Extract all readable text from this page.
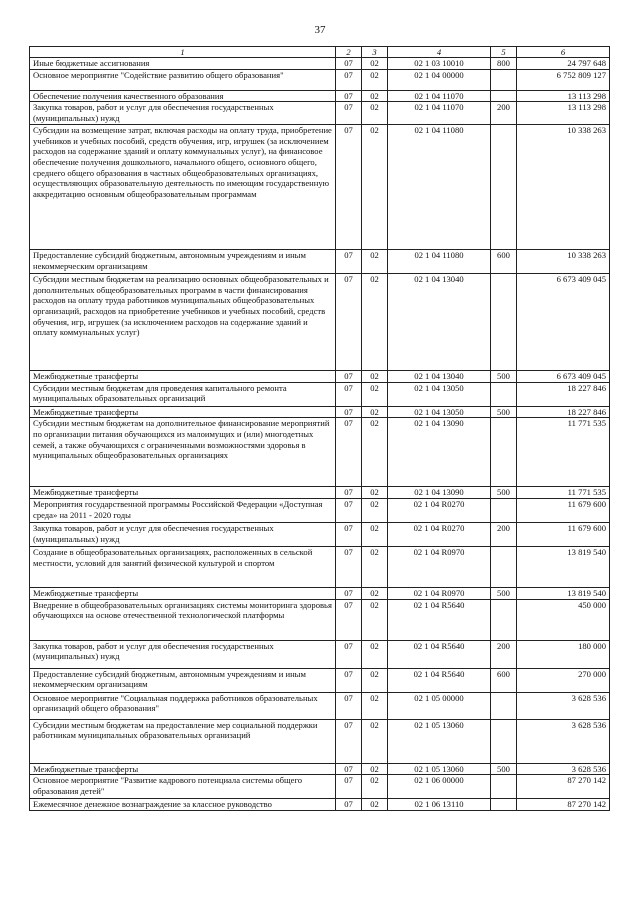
37
1	2	3	4	5	6
Иные бюджетные ассигнования	07	02	02 1 03 10010	800	24 797 648
Основное мероприятие "Содействие развитию общего образования"	07	02	02 1 04 00000		6 752 809 127
Обеспечение получения качественного образования	07	02	02 1 04 11070		13 113 298
Закупка товаров, работ и услуг для обеспечения государственных (муниципальных) нужд	07	02	02 1 04 11070	200	13 113 298
Субсидии на возмещение затрат, включая расходы на оплату труда, приобретение учебников и учебных пособий, средств обучения, игр, игрушек (за исключением расходов на содержание зданий и оплату коммунальных услуг), на финансовое обеспечение получения дошкольного, начального общего, основного общего, среднего общего образования в частных общеобразовательных организациях, осуществляющих образовательную деятельность по имеющим государственную аккредитацию основным общеобразовательным программам	07	02	02 1 04 11080		10 338 263
Предоставление субсидий бюджетным, автономным учреждениям и иным некоммерческим организациям	07	02	02 1 04 11080	600	10 338 263
Субсидии местным бюджетам на реализацию основных общеобразовательных и дополнительных общеобразовательных программ в части финансирования расходов на оплату труда работников муниципальных общеобразовательных организаций, расходов на приобретение учебников и учебных пособий, средств обучения, игр, игрушек (за исключением расходов на содержание зданий и оплату коммунальных услуг)	07	02	02 1 04 13040		6 673 409 045
Межбюджетные трансферты	07	02	02 1 04 13040	500	6 673 409 045
Субсидии местным бюджетам для проведения капитального ремонта муниципальных образовательных организаций	07	02	02 1 04 13050		18 227 846
Межбюджетные трансферты	07	02	02 1 04 13050	500	18 227 846
Субсидии местным бюджетам на дополнительное финансирование мероприятий по организации питания обучающихся из малоимущих и (или) многодетных семей, а также обучающихся с ограниченными возможностями здоровья в муниципальных общеобразовательных организациях	07	02	02 1 04 13090		11 771 535
Межбюджетные трансферты	07	02	02 1 04 13090	500	11 771 535
Мероприятия государственной программы Российской Федерации «Доступная среда» на 2011 - 2020 годы	07	02	02 1 04 R0270		11 679 600
Закупка товаров, работ и услуг для обеспечения государственных (муниципальных) нужд	07	02	02 1 04 R0270	200	11 679 600
Создание в общеобразовательных организациях, расположенных в сельской местности, условий для занятий физической культурой и спортом	07	02	02 1 04 R0970		13 819 540
Межбюджетные трансферты	07	02	02 1 04 R0970	500	13 819 540
Внедрение в общеобразовательных организациях системы мониторинга здоровья обучающихся на основе отечественной технологической платформы	07	02	02 1 04 R5640		450 000
Закупка товаров, работ и услуг для обеспечения государственных (муниципальных) нужд	07	02	02 1 04 R5640	200	180 000
Предоставление субсидий бюджетным, автономным учреждениям и иным некоммерческим организациям	07	02	02 1 04 R5640	600	270 000
Основное мероприятие "Социальная поддержка работников образовательных организаций общего образования"	07	02	02 1 05 00000		3 628 536
Субсидии местным бюджетам на предоставление мер социальной поддержки работникам муниципальных образовательных организаций	07	02	02 1 05 13060		3 628 536
Межбюджетные трансферты	07	02	02 1 05 13060	500	3 628 536
Основное мероприятие "Развитие кадрового потенциала системы общего образования детей"	07	02	02 1 06 00000		87 270 142
Ежемесячное денежное вознаграждение за классное руководство	07	02	02 1 06 13110		87 270 142
